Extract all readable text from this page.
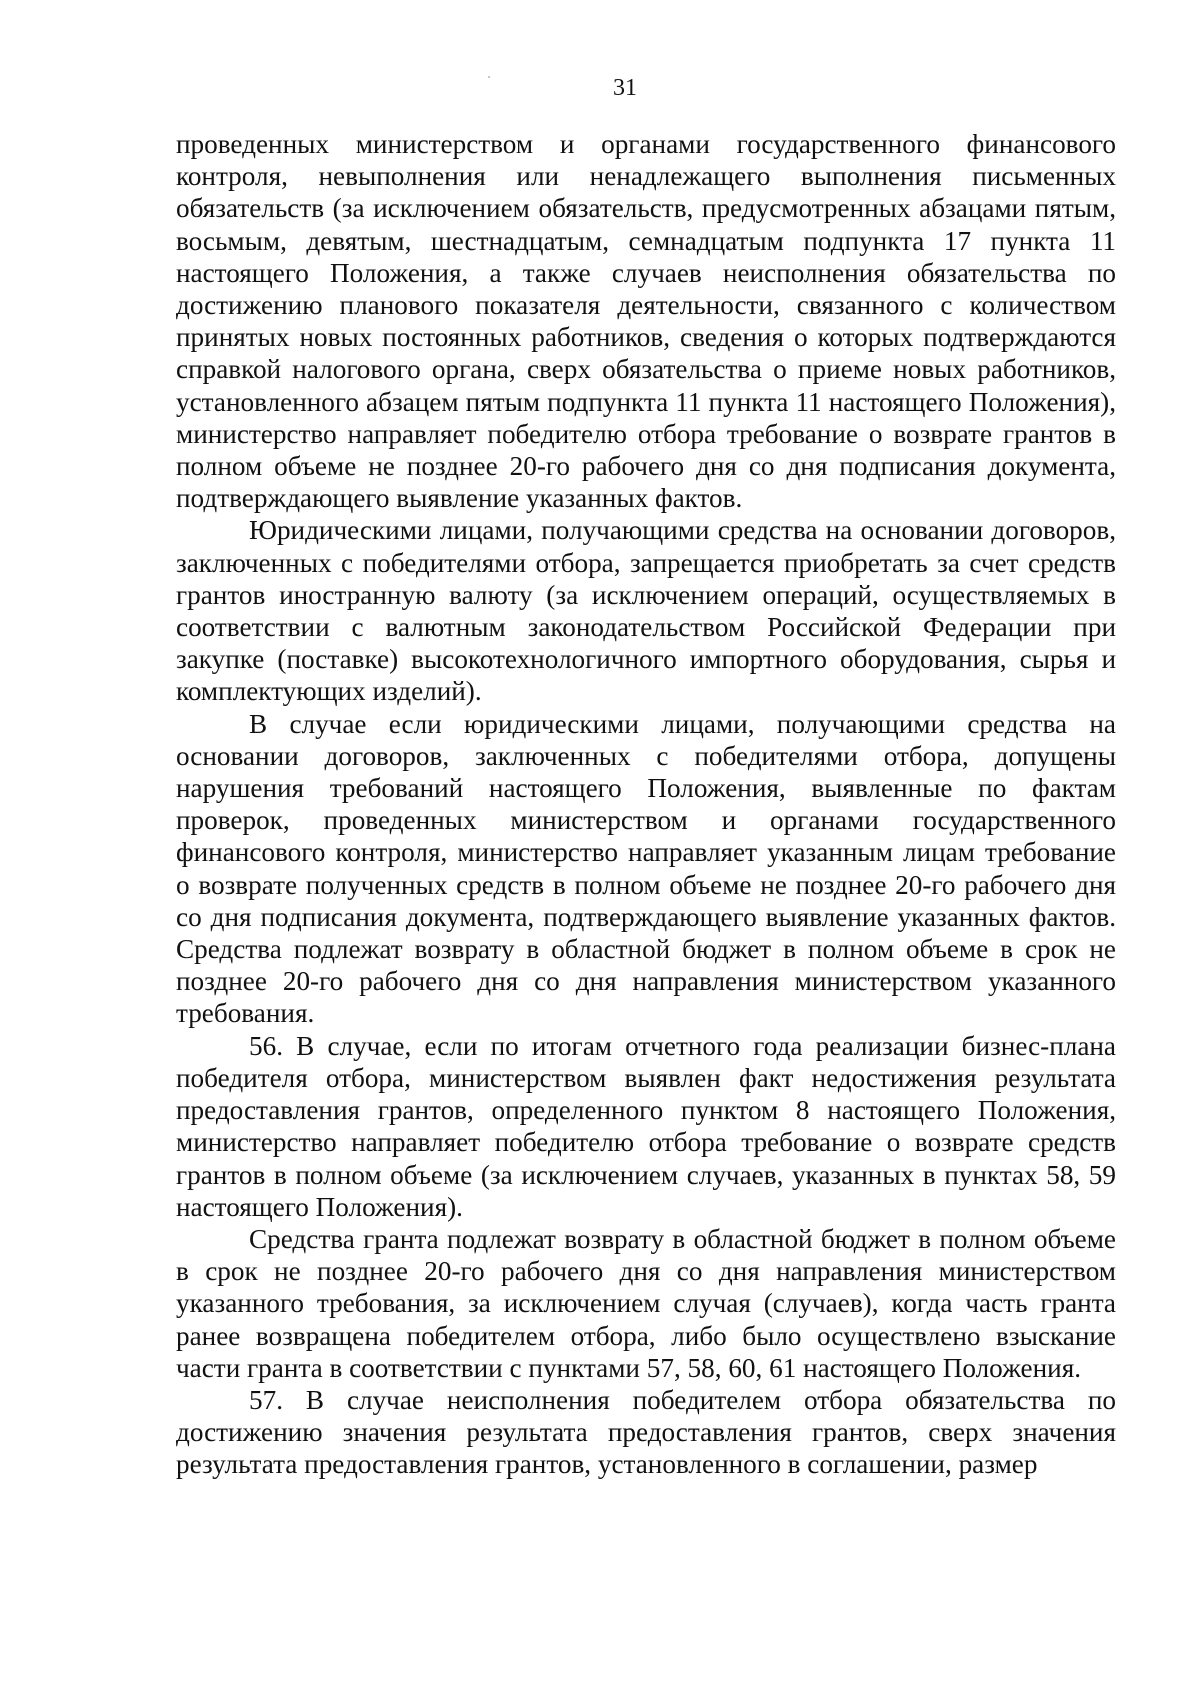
31

проведенных министерством и органами государственного финансового контроля, невыполнения или ненадлежащего выполнения письменных обязательств (за исключением обязательств, предусмотренных абзацами пятым, восьмым, девятым, шестнадцатым, семнадцатым подпункта 17 пункта 11 настоящего Положения, а также случаев неисполнения обязательства по достижению планового показателя деятельности, связанного с количеством принятых новых постоянных работников, сведения о которых подтверждаются справкой налогового органа, сверх обязательства о приеме новых работников, установленного абзацем пятым подпункта 11 пункта 11 настоящего Положения), министерство направляет победителю отбора требование о возврате грантов в полном объеме не позднее 20-го рабочего дня со дня подписания документа, подтверждающего выявление указанных фактов.

Юридическими лицами, получающими средства на основании договоров, заключенных с победителями отбора, запрещается приобретать за счет средств грантов иностранную валюту (за исключением операций, осуществляемых в соответствии с валютным законодательством Российской Федерации при закупке (поставке) высокотехнологичного импортного оборудования, сырья и комплектующих изделий).

В случае если юридическими лицами, получающими средства на основании договоров, заключенных с победителями отбора, допущены нарушения требований настоящего Положения, выявленные по фактам проверок, проведенных министерством и органами государственного финансового контроля, министерство направляет указанным лицам требование о возврате полученных средств в полном объеме не позднее 20-го рабочего дня со дня подписания документа, подтверждающего выявление указанных фактов. Средства подлежат возврату в областной бюджет в полном объеме в срок не позднее 20-го рабочего дня со дня направления министерством указанного требования.

56. В случае, если по итогам отчетного года реализации бизнес-плана победителя отбора, министерством выявлен факт недостижения результата предоставления грантов, определенного пунктом 8 настоящего Положения, министерство направляет победителю отбора требование о возврате средств грантов в полном объеме (за исключением случаев, указанных в пунктах 58, 59 настоящего Положения).

Средства гранта подлежат возврату в областной бюджет в полном объеме в срок не позднее 20-го рабочего дня со дня направления министерством указанного требования, за исключением случая (случаев), когда часть гранта ранее возвращена победителем отбора, либо было осуществлено взыскание части гранта в соответствии с пунктами 57, 58, 60, 61 настоящего Положения.

57. В случае неисполнения победителем отбора обязательства по достижению значения результата предоставления грантов, сверх значения результата предоставления грантов, установленного в соглашении, размер
